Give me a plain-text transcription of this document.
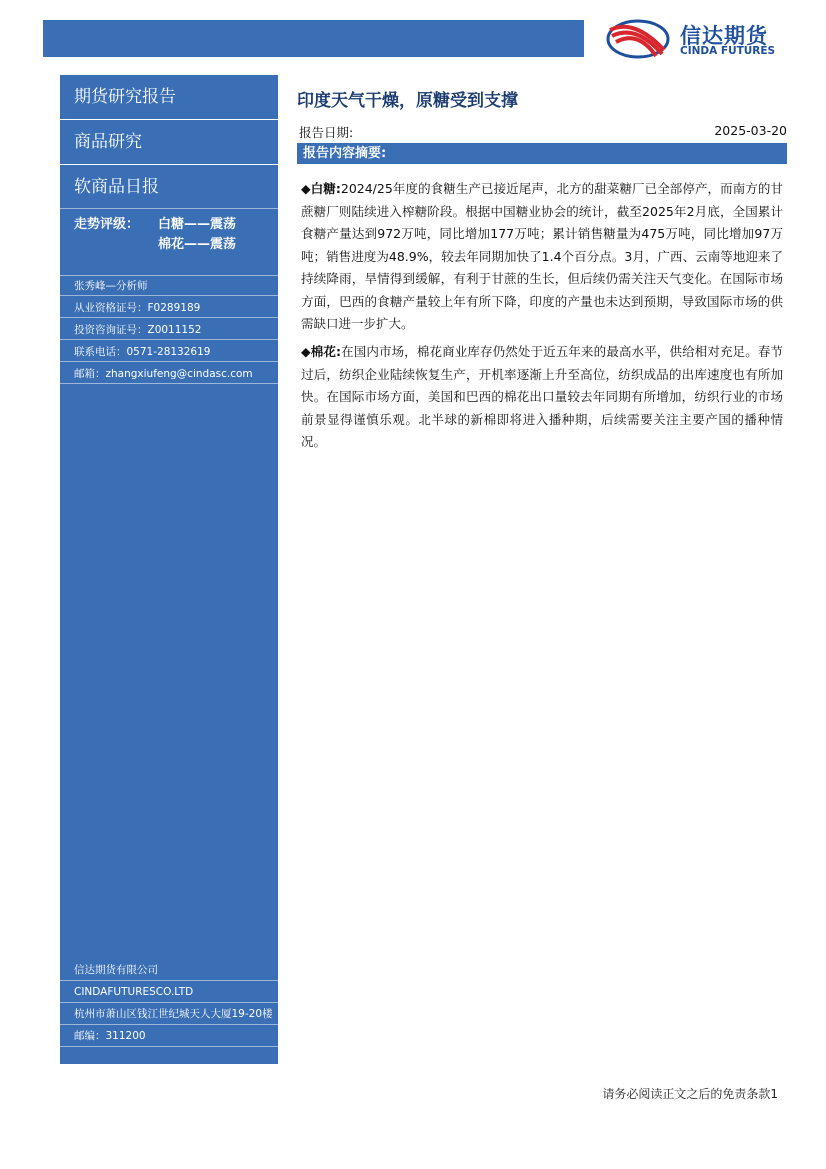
信达期货
CINDA FUTURES
期货研究报告
商品研究
软商品日报
走势评级： 白糖——震荡
棉花——震荡
张秀峰—分析师
从业资格证号：F0289189
投资咨询证号：Z0011152
联系电话：0571-28132619
邮箱：zhangxiufeng@cindasc.com
信达期货有限公司
CINDAFUTURESCO.LTD
杭州市萧山区钱江世纪城天人大厦19-20楼
邮编：311200
印度天气干燥，原糖受到支撑
报告日期:	2025-03-20
报告内容摘要:
◆白糖:2024/25年度的食糖生产已接近尾声，北方的甜菜糖厂已全部停产，而南方的甘蔗糖厂则陆续进入榨糖阶段。根据中国糖业协会的统计，截至2025年2月底，全国累计食糖产量达到972万吨，同比增加177万吨；累计销售糖量为475万吨，同比增加97万吨；销售进度为48.9%，较去年同期加快了1.4个百分点。3月，广西、云南等地迎来了持续降雨，旱情得到缓解，有利于甘蔗的生长，但后续仍需关注天气变化。在国际市场方面，巴西的食糖产量较上年有所下降，印度的产量也未达到预期，导致国际市场的供需缺口进一步扩大。
◆棉花:在国内市场，棉花商业库存仍然处于近五年来的最高水平，供给相对充足。春节过后，纺织企业陆续恢复生产，开机率逐渐上升至高位，纺织成品的出库速度也有所加快。在国际市场方面，美国和巴西的棉花出口量较去年同期有所增加，纺织行业的市场前景显得谨慎乐观。北半球的新棉即将进入播种期，后续需要关注主要产国的播种情况。
请务必阅读正文之后的免责条款1
